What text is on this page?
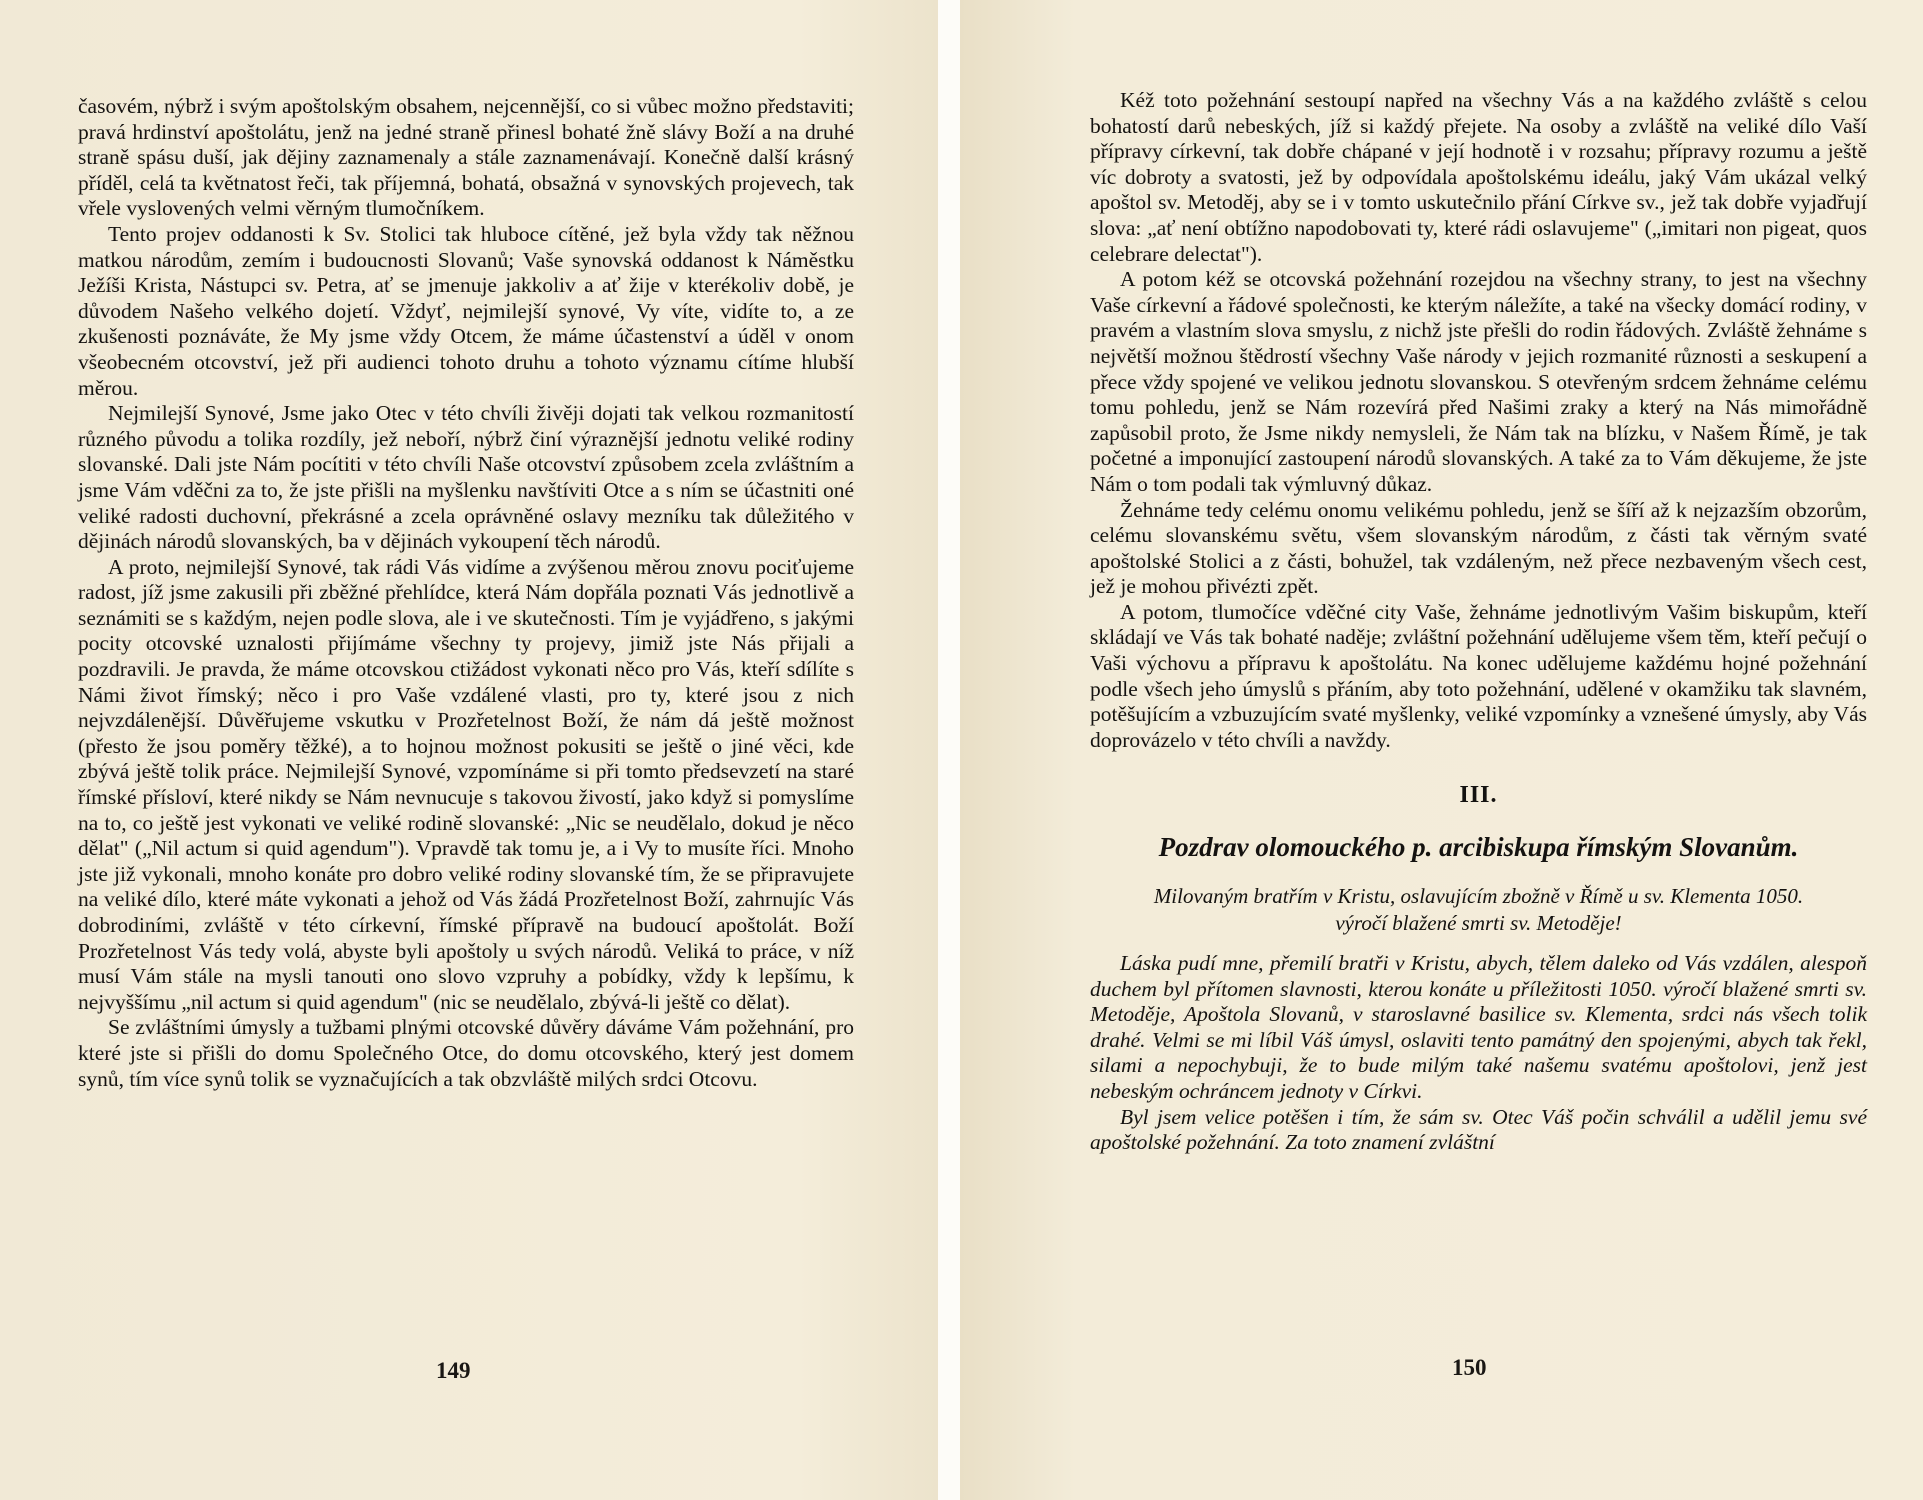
časovém, nýbrž i svým apoštolským obsahem, nejcennější, co si vůbec možno představiti; pravá hrdinství apoštolátu, jenž na jedné straně přinesl bohaté žně slávy Boží a na druhé straně spásu duší, jak dějiny zaznamenaly a stále zaznamenávají. Konečně další krásný příděl, celá ta květnatost řeči, tak příjemná, bohatá, obsažná v synovských projevech, tak vřele vyslovených velmi věrným tlumočníkem.

Tento projev oddanosti k Sv. Stolici tak hluboce cítěné, jež byla vždy tak něžnou matkou národům, zemím i budoucnosti Slovanů; Vaše synovská oddanost k Náměstku Ježíši Krista, Nástupci sv. Petra, ať se jmenuje jakkoliv a ať žije v kterékoliv době, je důvodem Našeho velkého dojetí. Vždyť, nejmilejší synové, Vy víte, vidíte to, a ze zkušenosti poznáváte, že My jsme vždy Otcem, že máme účastenství a úděl v onom všeobecném otcovství, jež při audienci tohoto druhu a tohoto významu cítíme hlubší měrou.

Nejmilejší Synové, Jsme jako Otec v této chvíli živěji dojati tak velkou rozmanitostí různého původu a tolika rozdíly, jež neboří, nýbrž činí výraznější jednotu veliké rodiny slovanské. Dali jste Nám pocítiti v této chvíli Naše otcovství způsobem zcela zvláštním a jsme Vám vděčni za to, že jste přišli na myšlenku navštíviti Otce a s ním se účastniti oné veliké radosti duchovní, překrásné a zcela oprávněné oslavy mezníku tak důležitého v dějinách národů slovanských, ba v dějinách vykoupení těch národů.

A proto, nejmilejší Synové, tak rádi Vás vidíme a zvýšenou měrou znovu pociťujeme radost, jíž jsme zakusili při zběžné přehlídce, která Nám dopřála poznati Vás jednotlivě a seznámiti se s každým, nejen podle slova, ale i ve skutečnosti. Tím je vyjádřeno, s jakými pocity otcovské uznalosti přijímáme všechny ty projevy, jimiž jste Nás přijali a pozdravili. Je pravda, že máme otcovskou ctižádost vykonati něco pro Vás, kteří sdílíte s Námi život římský; něco i pro Vaše vzdálené vlasti, pro ty, které jsou z nich nejvzdálenější. Důvěřujeme vskutku v Prozřetelnost Boží, že nám dá ještě možnost (přesto že jsou poměry těžké), a to hojnou možnost pokusiti se ještě o jiné věci, kde zbývá ještě tolik práce. Nejmilejší Synové, vzpomínáme si při tomto předsevzetí na staré římské přísloví, které nikdy se Nám nevnucuje s takovou živostí, jako když si pomyslíme na to, co ještě jest vykonati ve veliké rodině slovanské: „Nic se neudělalo, dokud je něco dělat" („Nil actum si quid agendum"). Vpravdě tak tomu je, a i Vy to musíte říci. Mnoho jste již vykonali, mnoho konáte pro dobro veliké rodiny slovanské tím, že se připravujete na veliké dílo, které máte vykonati a jehož od Vás žádá Prozřetelnost Boží, zahrnujíc Vás dobrodiními, zvláště v této církevní, římské přípravě na budoucí apoštolát. Boží Prozřetelnost Vás tedy volá, abyste byli apoštoly u svých národů. Veliká to práce, v níž musí Vám stále na mysli tanouti ono slovo vzpruhy a pobídky, vždy k lepšímu, k nejvyššímu „nil actum si quid agendum" (nic se neudělalo, zbývá-li ještě co dělat).

Se zvláštními úmysly a tužbami plnými otcovské důvěry dáváme Vám požehnání, pro které jste si přišli do domu Společného Otce, do domu otcovského, který jest domem synů, tím více synů tolik se vyznačujících a tak obzvláště milých srdci Otcovu.

149

Kéž toto požehnání sestoupí napřed na všechny Vás a na každého zvláště s celou bohatostí darů nebeských, jíž si každý přejete. Na osoby a zvláště na veliké dílo Vaší přípravy církevní, tak dobře chápané v její hodnotě i v rozsahu; přípravy rozumu a ještě víc dobroty a svatosti, jež by odpovídala apoštolskému ideálu, jaký Vám ukázal velký apoštol sv. Metoděj, aby se i v tomto uskutečnilo přání Církve sv., jež tak dobře vyjadřují slova: „ať není obtížno napodobovati ty, které rádi oslavujeme" („imitari non pigeat, quos celebrare delectat").

A potom kéž se otcovská požehnání rozejdou na všechny strany, to jest na všechny Vaše církevní a řádové společnosti, ke kterým náležíte, a také na všecky domácí rodiny, v pravém a vlastním slova smyslu, z nichž jste přešli do rodin řádových. Zvláště žehnáme s největší možnou štědrostí všechny Vaše národy v jejich rozmanité různosti a seskupení a přece vždy spojené ve velikou jednotu slovanskou. S otevřeným srdcem žehnáme celému tomu pohledu, jenž se Nám rozevírá před Našimi zraky a který na Nás mimořádně zapůsobil proto, že Jsme nikdy nemysleli, že Nám tak na blízku, v Našem Římě, je tak početné a imponující zastoupení národů slovanských. A také za to Vám děkujeme, že jste Nám o tom podali tak výmluvný důkaz.

Žehnáme tedy celému onomu velikému pohledu, jenž se šíří až k nejzazším obzorům, celému slovanskému světu, všem slovanským národům, z části tak věrným svaté apoštolské Stolici a z části, bohužel, tak vzdáleným, než přece nezbaveným všech cest, jež je mohou přivézti zpět.

A potom, tlumočíce vděčné city Vaše, žehnáme jednotlivým Vašim biskupům, kteří skládají ve Vás tak bohaté naděje; zvláštní požehnání udělujeme všem těm, kteří pečují o Vaši výchovu a přípravu k apoštolátu. Na konec udělujeme každému hojné požehnání podle všech jeho úmyslů s přáním, aby toto požehnání, udělené v okamžiku tak slavném, potěšujícím a vzbuzujícím svaté myšlenky, veliké vzpomínky a vznešené úmysly, aby Vás doprovázelo v této chvíli a navždy.

III.
Pozdrav olomouckého p. arcibiskupa římským Slovanům.
Milovaným bratřím v Kristu, oslavujícím zbožně v Římě u sv. Klementa 1050. výročí blažené smrti sv. Metoděje!

Láska pudí mne, přemilí bratři v Kristu, abych, tělem daleko od Vás vzdálen, alespoň duchem byl přítomen slavnosti, kterou konáte u příležitosti 1050. výročí blažené smrti sv. Metoděje, Apoštola Slovanů, v staroslavné basilice sv. Klementa, srdci nás všech tolik drahé. Velmi se mi líbil Váš úmysl, oslaviti tento památný den spojenými, abych tak řekl, silami a nepochybuji, že to bude milým také našemu svatému apoštolovi, jenž jest nebeským ochráncem jednoty v Církvi.

Byl jsem velice potěšen i tím, že sám sv. Otec Váš počin schválil a udělil jemu své apoštolské požehnání. Za toto znamení zvláštní

150
